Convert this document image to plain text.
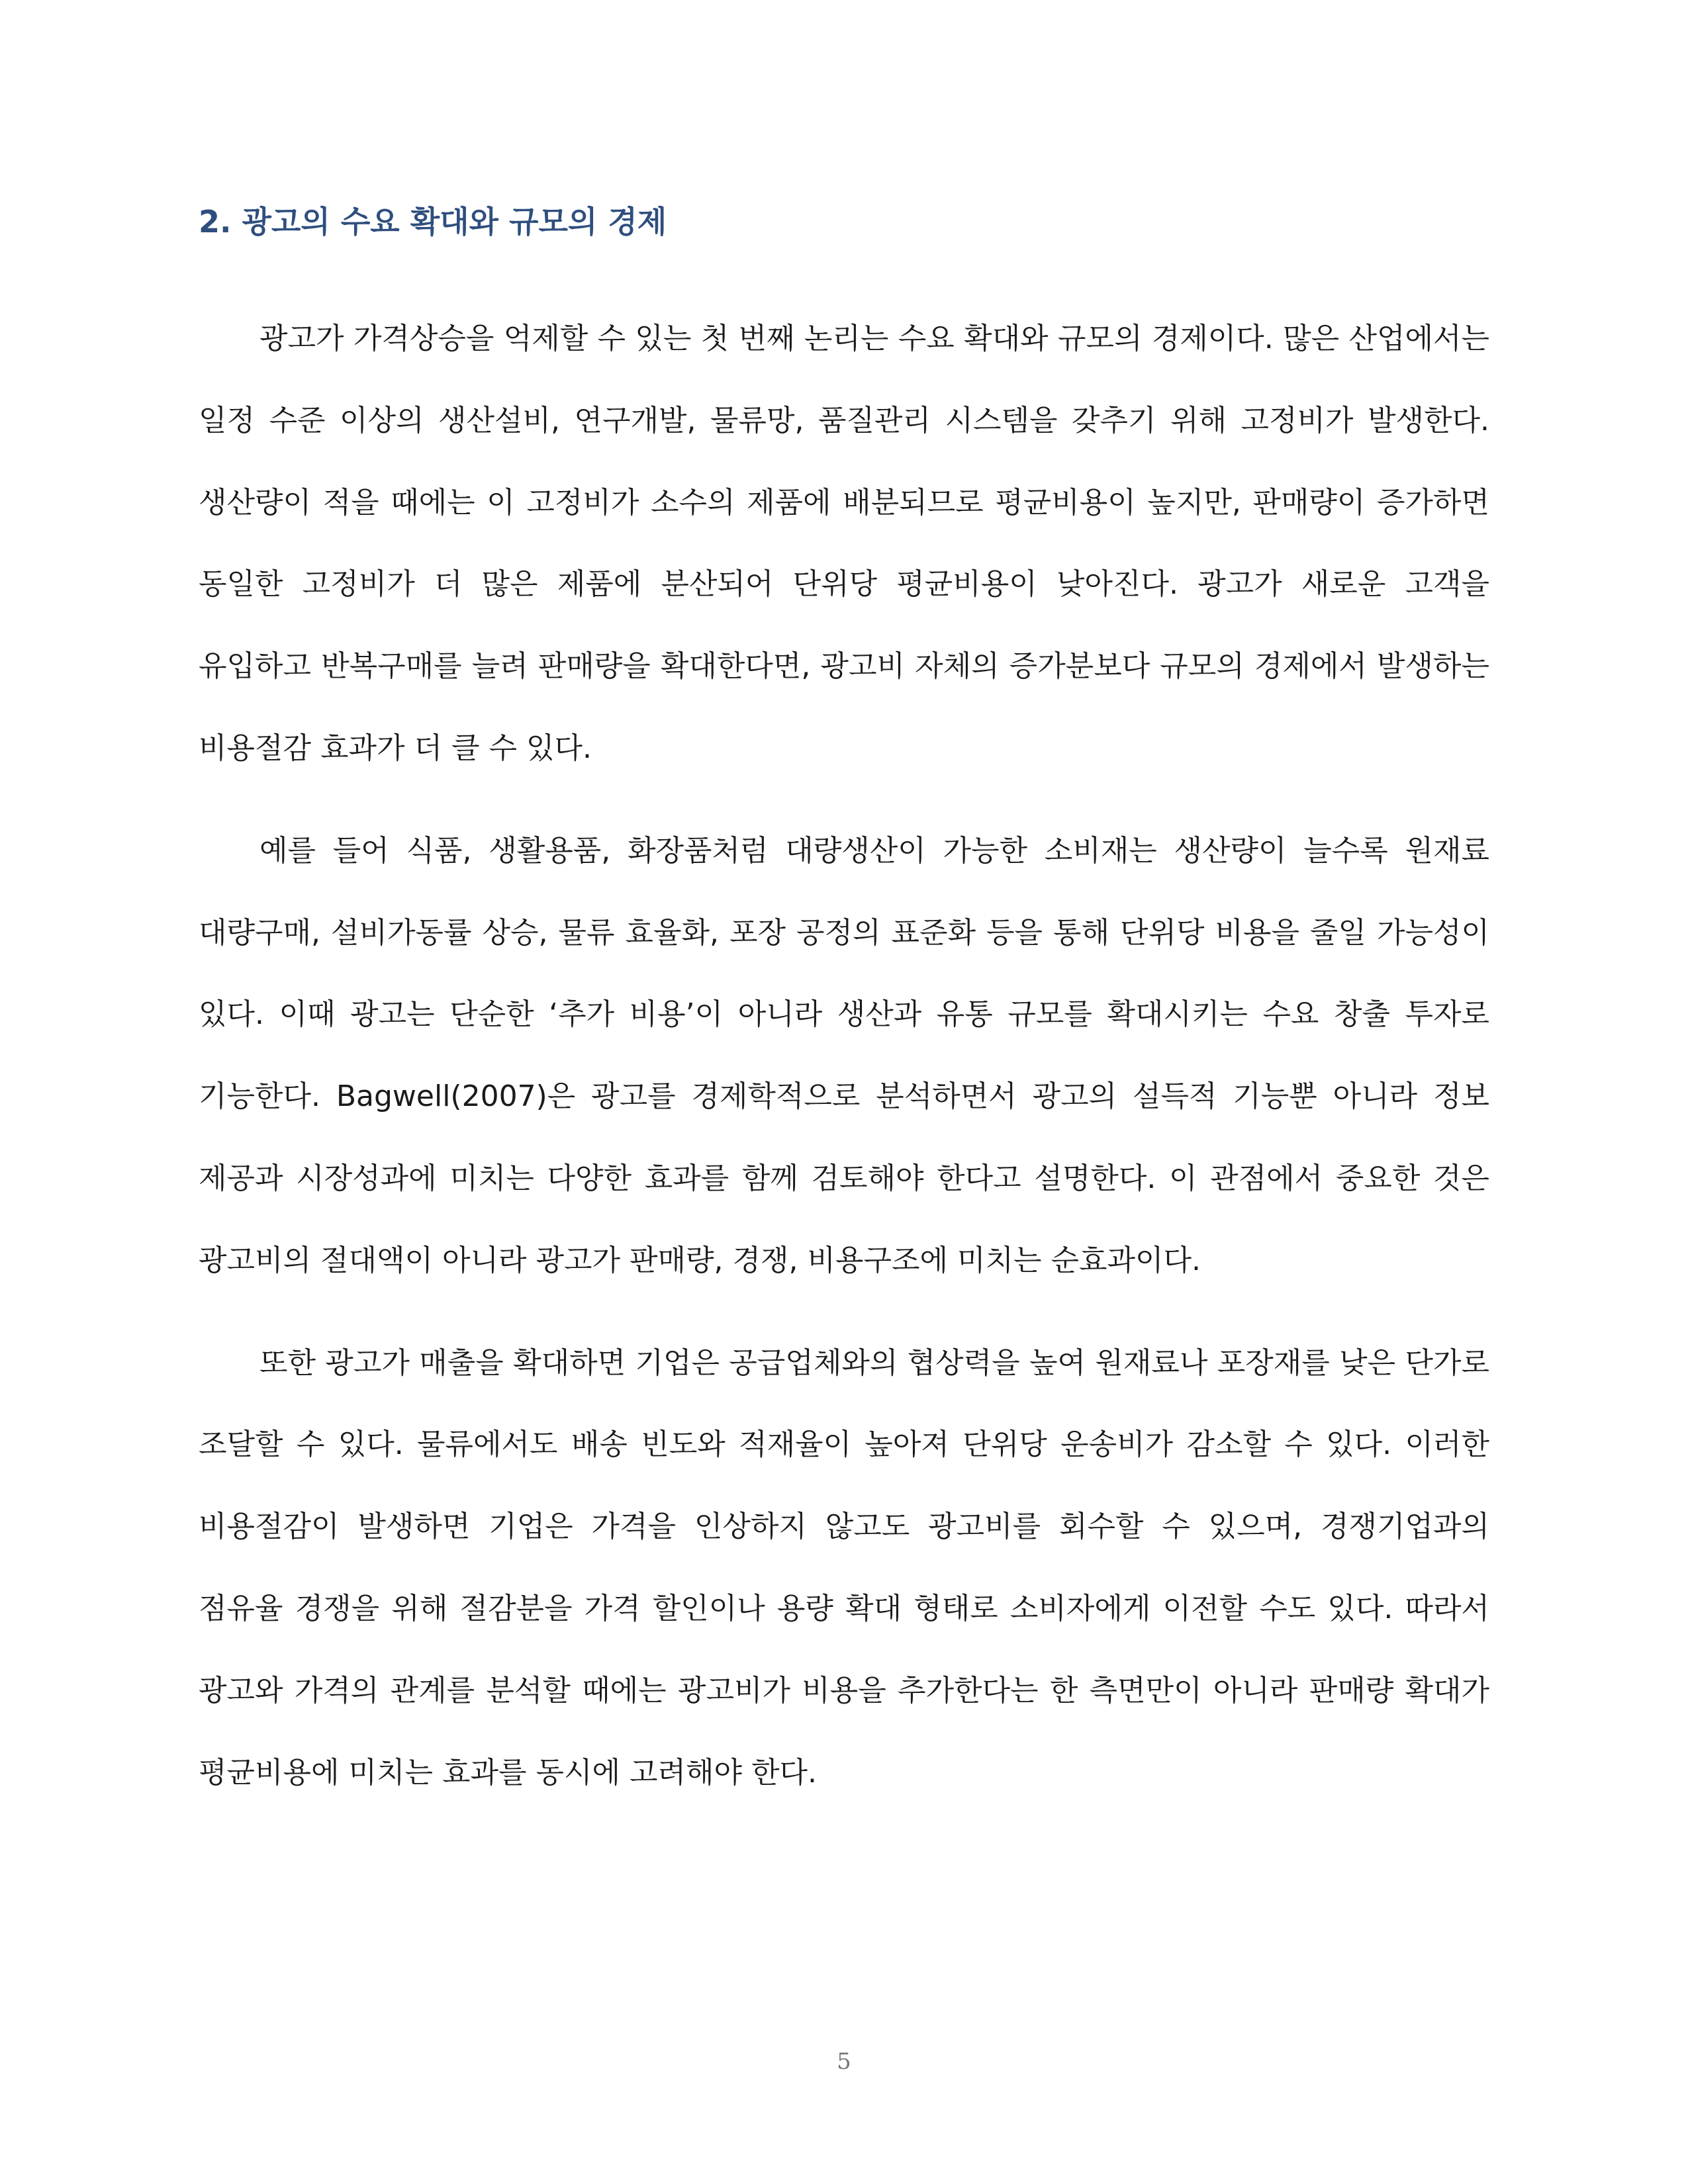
2. 광고의 수요 확대와 규모의 경제

광고가 가격상승을 억제할 수 있는 첫 번째 논리는 수요 확대와 규모의 경제이다. 많은 산업에서는 일정 수준 이상의 생산설비, 연구개발, 물류망, 품질관리 시스템을 갖추기 위해 고정비가 발생한다. 생산량이 적을 때에는 이 고정비가 소수의 제품에 배분되므로 평균비용이 높지만, 판매량이 증가하면 동일한 고정비가 더 많은 제품에 분산되어 단위당 평균비용이 낮아진다. 광고가 새로운 고객을 유입하고 반복구매를 늘려 판매량을 확대한다면, 광고비 자체의 증가분보다 규모의 경제에서 발생하는 비용절감 효과가 더 클 수 있다.

예를 들어 식품, 생활용품, 화장품처럼 대량생산이 가능한 소비재는 생산량이 늘수록 원재료 대량구매, 설비가동률 상승, 물류 효율화, 포장 공정의 표준화 등을 통해 단위당 비용을 줄일 가능성이 있다. 이때 광고는 단순한 ‘추가 비용’이 아니라 생산과 유통 규모를 확대시키는 수요 창출 투자로 기능한다. Bagwell(2007)은 광고를 경제학적으로 분석하면서 광고의 설득적 기능뿐 아니라 정보 제공과 시장성과에 미치는 다양한 효과를 함께 검토해야 한다고 설명한다. 이 관점에서 중요한 것은 광고비의 절대액이 아니라 광고가 판매량, 경쟁, 비용구조에 미치는 순효과이다.

또한 광고가 매출을 확대하면 기업은 공급업체와의 협상력을 높여 원재료나 포장재를 낮은 단가로 조달할 수 있다. 물류에서도 배송 빈도와 적재율이 높아져 단위당 운송비가 감소할 수 있다. 이러한 비용절감이 발생하면 기업은 가격을 인상하지 않고도 광고비를 회수할 수 있으며, 경쟁기업과의 점유율 경쟁을 위해 절감분을 가격 할인이나 용량 확대 형태로 소비자에게 이전할 수도 있다. 따라서 광고와 가격의 관계를 분석할 때에는 광고비가 비용을 추가한다는 한 측면만이 아니라 판매량 확대가 평균비용에 미치는 효과를 동시에 고려해야 한다.

5
